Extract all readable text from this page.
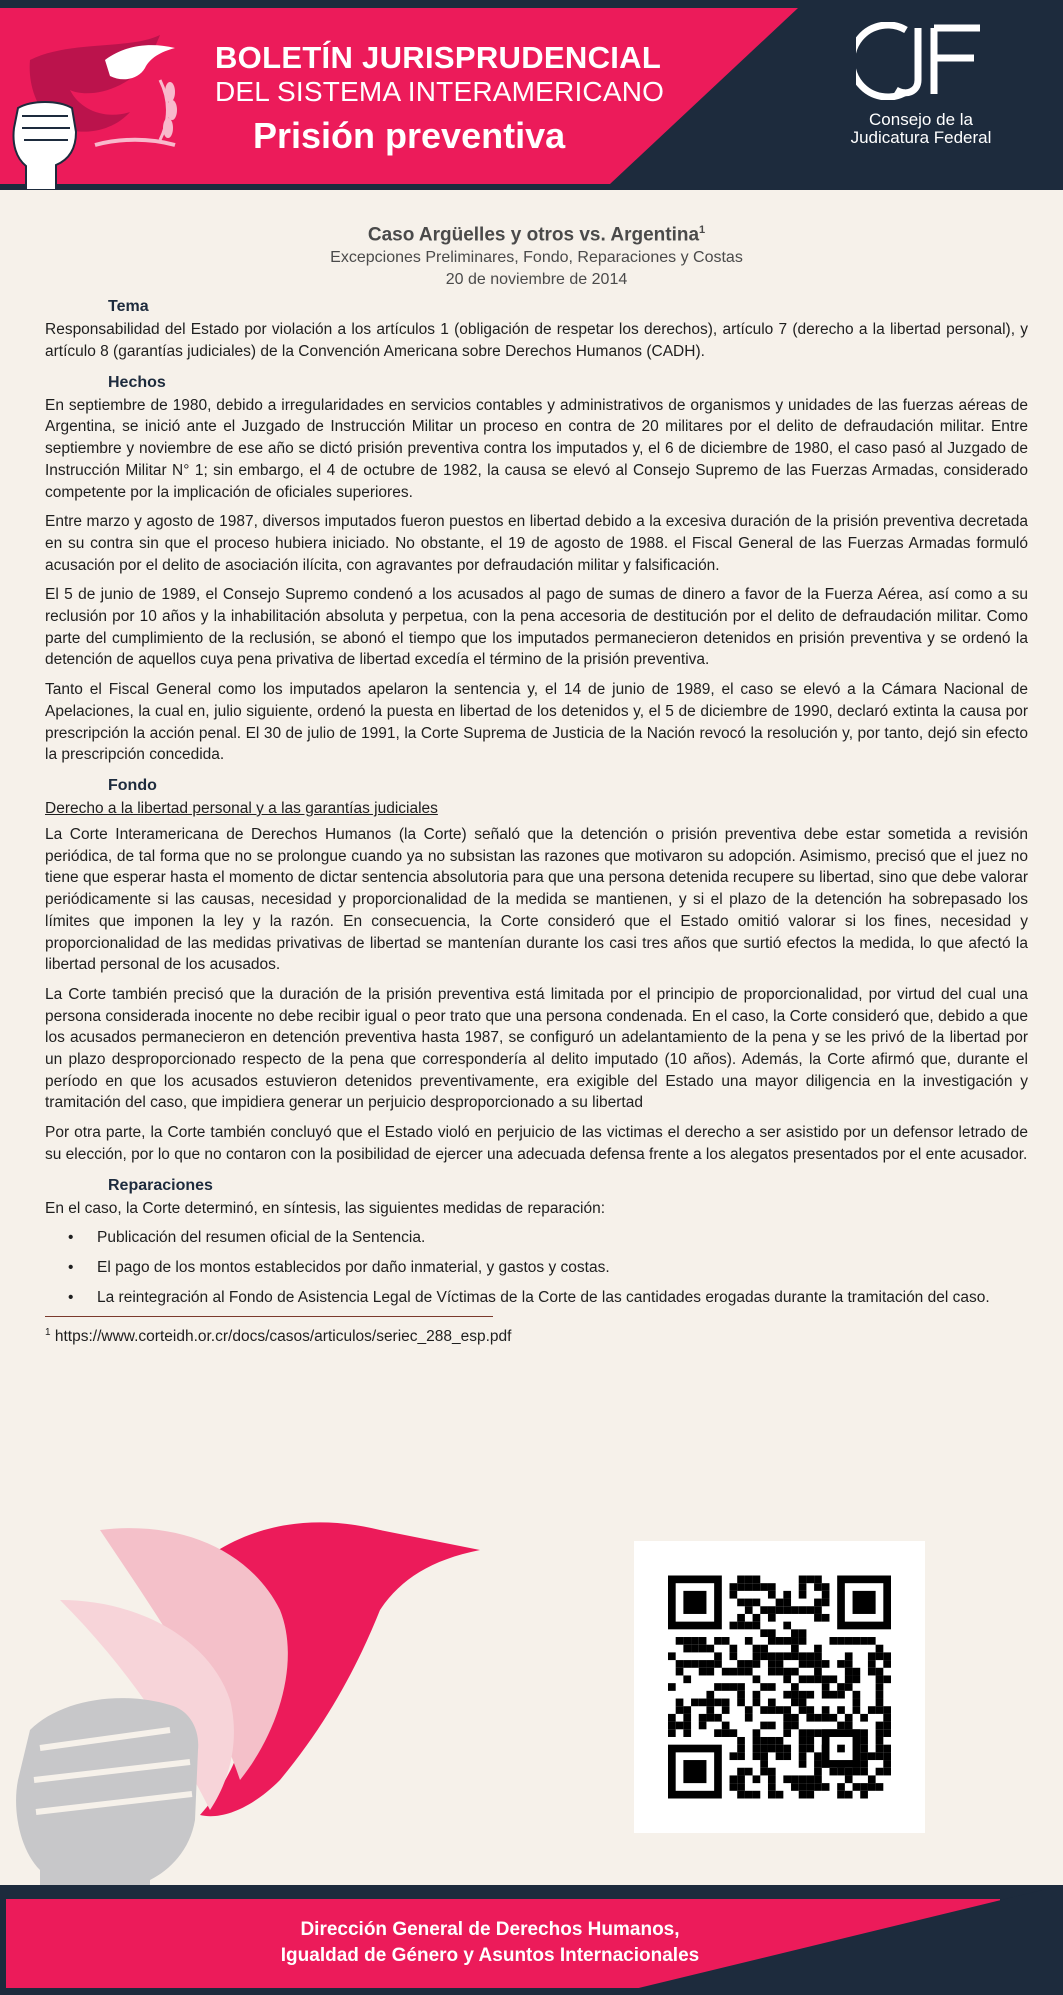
BOLETÍN JURISPRUDENCIAL
DEL SISTEMA INTERAMERICANO
Prisión preventiva	Consejo de la
Judicatura Federal
Caso Argüelles y otros vs. Argentina$^1$
Excepciones Preliminares, Fondo, Reparaciones y Costas
20 de noviembre de 2014
Tema

Responsabilidad del Estado por violación a los artículos 1 (obligación de respetar los derechos), artículo 7 (derecho a la libertad personal), y artículo 8 (garantías judiciales) de la Convención Americana sobre Derechos Humanos (CADH).

Hechos

En septiembre de 1980, debido a irregularidades en servicios contables y administrativos de organismos y unidades de las fuerzas aéreas de Argentina, se inició ante el Juzgado de Instrucción Militar un proceso en contra de 20 militares por el delito de defraudación militar. Entre septiembre y noviembre de ese año se dictó prisión preventiva contra los imputados y, el 6 de diciembre de 1980, el caso pasó al Juzgado de Instrucción Militar N° 1; sin embargo, el 4 de octubre de 1982, la causa se elevó al Consejo Supremo de las Fuerzas Armadas, considerado competente por la implicación de oficiales superiores.

Entre marzo y agosto de 1987, diversos imputados fueron puestos en libertad debido a la excesiva duración de la prisión preventiva decretada en su contra sin que el proceso hubiera iniciado. No obstante, el 19 de agosto de 1988. el Fiscal General de las Fuerzas Armadas formuló acusación por el delito de asociación ilícita, con agravantes por defraudación militar y falsificación.

El 5 de junio de 1989, el Consejo Supremo condenó a los acusados al pago de sumas de dinero a favor de la Fuerza Aérea, así como a su reclusión por 10 años y la inhabilitación absoluta y perpetua, con la pena accesoria de destitución por el delito de defraudación militar. Como parte del cumplimiento de la reclusión, se abonó el tiempo que los imputados permanecieron detenidos en prisión preventiva y se ordenó la detención de aquellos cuya pena privativa de libertad excedía el término de la prisión preventiva.

Tanto el Fiscal General como los imputados apelaron la sentencia y, el 14 de junio de 1989, el caso se elevó a la Cámara Nacional de Apelaciones, la cual en, julio siguiente, ordenó la puesta en libertad de los detenidos y, el 5 de diciembre de 1990, declaró extinta la causa por prescripción la acción penal. El 30 de julio de 1991, la Corte Suprema de Justicia de la Nación revocó la resolución y, por tanto, dejó sin efecto la prescripción concedida.

Fondo
Derecho a la libertad personal y a las garantías judiciales

La Corte Interamericana de Derechos Humanos (la Corte) señaló que la detención o prisión preventiva debe estar sometida a revisión periódica, de tal forma que no se prolongue cuando ya no subsistan las razones que motivaron su adopción. Asimismo, precisó que el juez no tiene que esperar hasta el momento de dictar sentencia absolutoria para que una persona detenida recupere su libertad, sino que debe valorar periódicamente si las causas, necesidad y proporcionalidad de la medida se mantienen, y si el plazo de la detención ha sobrepasado los límites que imponen la ley y la razón. En consecuencia, la Corte consideró que el Estado omitió valorar si los fines, necesidad y proporcionalidad de las medidas privativas de libertad se mantenían durante los casi tres años que surtió efectos la medida, lo que afectó la libertad personal de los acusados.

La Corte también precisó que la duración de la prisión preventiva está limitada por el principio de proporcionalidad, por virtud del cual una persona considerada inocente no debe recibir igual o peor trato que una persona condenada. En el caso, la Corte consideró que, debido a que los acusados permanecieron en detención preventiva hasta 1987, se configuró un adelantamiento de la pena y se les privó de la libertad por un plazo desproporcionado respecto de la pena que correspondería al delito imputado (10 años). Además, la Corte afirmó que, durante el período en que los acusados estuvieron detenidos preventivamente, era exigible del Estado una mayor diligencia en la investigación y tramitación del caso, que impidiera generar un perjuicio desproporcionado a su libertad

Por otra parte, la Corte también concluyó que el Estado violó en perjuicio de las victimas el derecho a ser asistido por un defensor letrado de su elección, por lo que no contaron con la posibilidad de ejercer una adecuada defensa frente a los alegatos presentados por el ente acusador.

Reparaciones

En el caso, la Corte determinó, en síntesis, las siguientes medidas de reparación:

• Publicación del resumen oficial de la Sentencia.
• El pago de los montos establecidos por daño inmaterial, y gastos y costas.
• La reintegración al Fondo de Asistencia Legal de Víctimas de la Corte de las cantidades erogadas durante la tramitación del caso.
$^1$ https://www.corteidh.or.cr/docs/casos/articulos/seriec_288_esp.pdf
Dirección General de Derechos Humanos,
Igualdad de Género y Asuntos Internacionales
